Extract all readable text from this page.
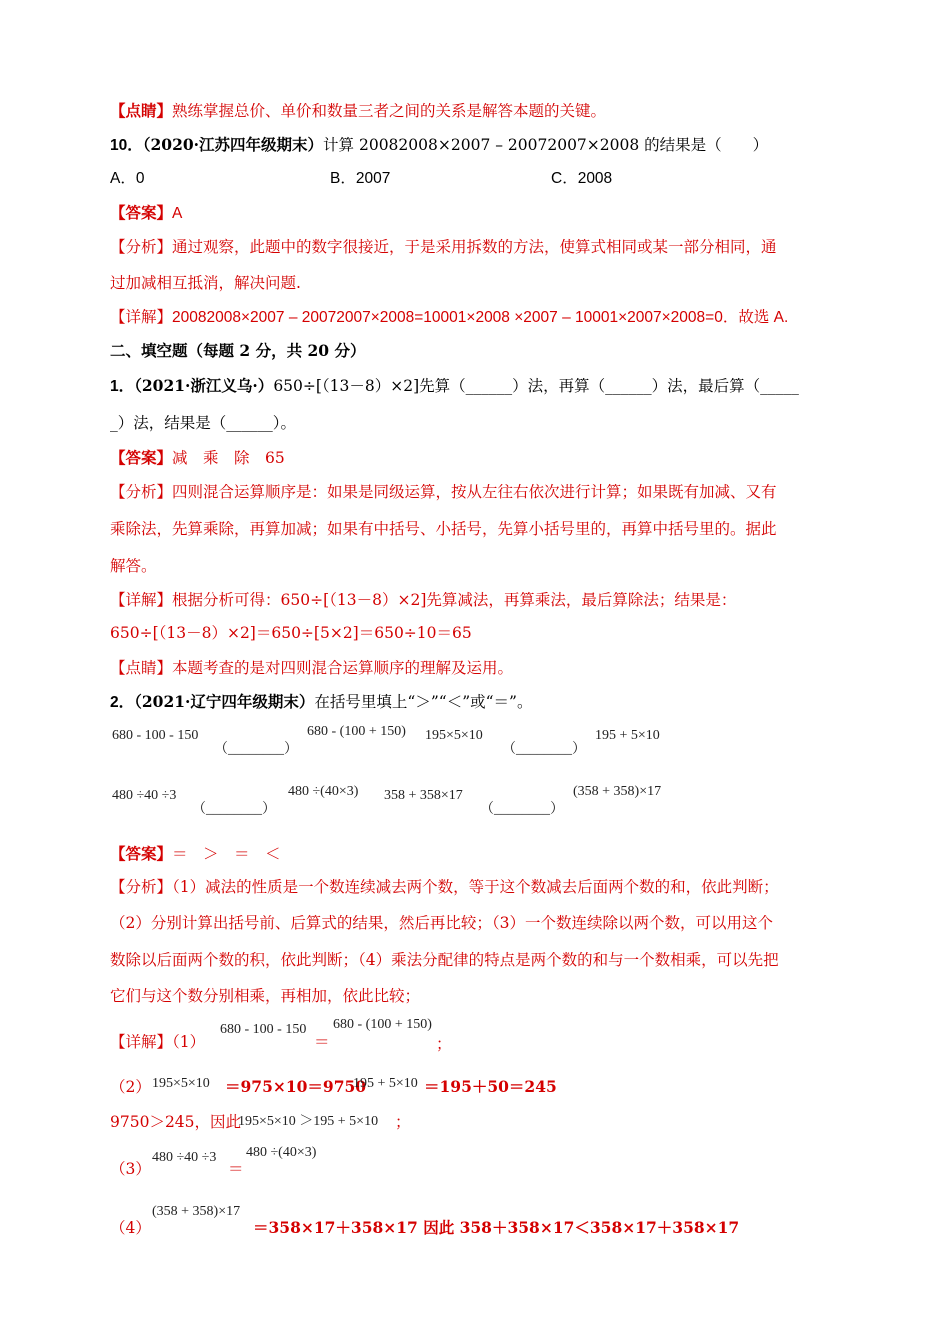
【点睛】熟练掌握总价、单价和数量三者之间的关系是解答本题的关键。
10．（2020·江苏四年级期末）计算 20082008×2007 – 20072007×2008 的结果是（　　）
A．0	B．2007	C．2008
【答案】A
【分析】通过观察，此题中的数字很接近，于是采用拆数的方法，使算式相同或某一部分相同，通
过加减相互抵消，解决问题.
【详解】20082008×2007 – 20072007×2008=10001×2008 ×2007 – 10001×2007×2008=0．故选 A.
二、填空题（每题 2 分，共 20 分）
1．（2021·浙江义乌·）650÷[（13－8）×2]先算（______）法，再算（______）法，最后算（_____
_）法，结果是（______）。
【答案】减　乘　除　65
【分析】四则混合运算顺序是：如果是同级运算，按从左往右依次进行计算；如果既有加减、又有
乘除法，先算乘除，再算加减；如果有中括号、小括号，先算小括号里的，再算中括号里的。据此
解答。
【详解】根据分析可得：650÷[（13－8）×2]先算减法，再算乘法，最后算除法；结果是：
650÷[（13－8）×2]＝650÷[5×2]＝650÷10＝65
【点睛】本题考查的是对四则混合运算顺序的理解及运用。
2．（2021·辽宁四年级期末）在括号里填上“＞”“＜”或“＝”。
680 - 100 - 150
（________）
680 - (100 + 150) 195×5×10
（________）
195 + 5×10
480 ÷40 ÷3
（________）
480 ÷(40×3) 358 + 358×17
（________）
(358 + 358)×17
【答案】＝　＞　＝　＜
【分析】（1）减法的性质是一个数连续减去两个数，等于这个数减去后面两个数的和，依此判断；
（2）分别计算出括号前、后算式的结果，然后再比较；（3）一个数连续除以两个数，可以用这个
数除以后面两个数的积，依此判断；（4）乘法分配律的特点是两个数的和与一个数相乘，可以先把
它们与这个数分别相乘，再相加，依此比较；
【详解】（1）
680 - 100 - 150
＝
680 - (100 + 150)
；
（2） 195×5×10 ＝975×10＝9750
195 + 5×10 ＝195＋50＝245
9750＞245，因此
195×5×10 ＞195 + 5×10 ；
（3）
480 ÷40 ÷3
＝
480 ÷(40×3)
（4）
(358 + 358)×17
＝358×17＋358×17 因此 358＋358×17＜358×17＋358×17
